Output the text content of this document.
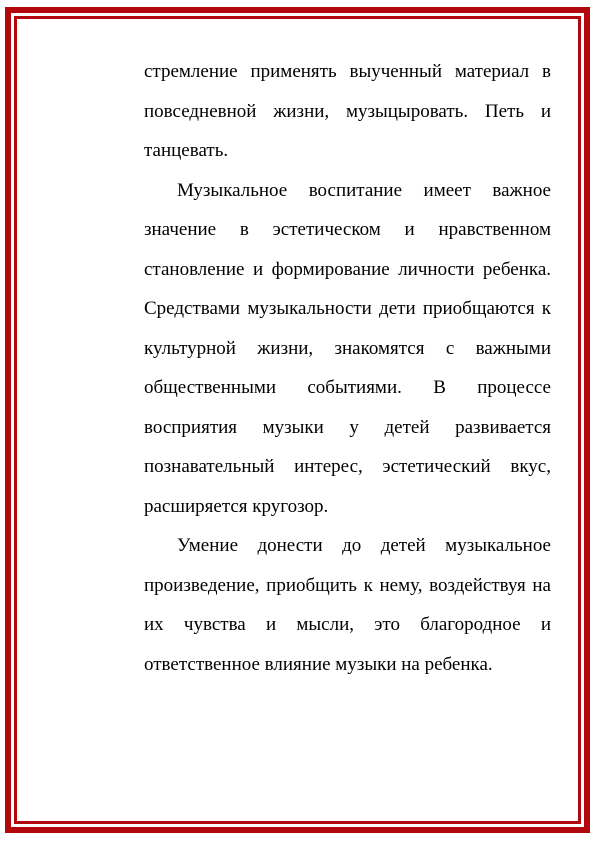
стремление применять выученный материал в повседневной жизни, музыцыровать. Петь и танцевать.

Музыкальное воспитание имеет важное значение в эстетическом и нравственном становление и формирование личности ребенка. Средствами музыкальности дети приобщаются к культурной жизни, знакомятся с важными общественными событиями. В процессе восприятия музыки у детей развивается познавательный интерес, эстетический вкус, расширяется кругозор.

Умение донести до детей музыкальное произведение, приобщить к нему, воздействуя на их чувства и мысли, это благородное и ответственное влияние музыки на ребенка.
